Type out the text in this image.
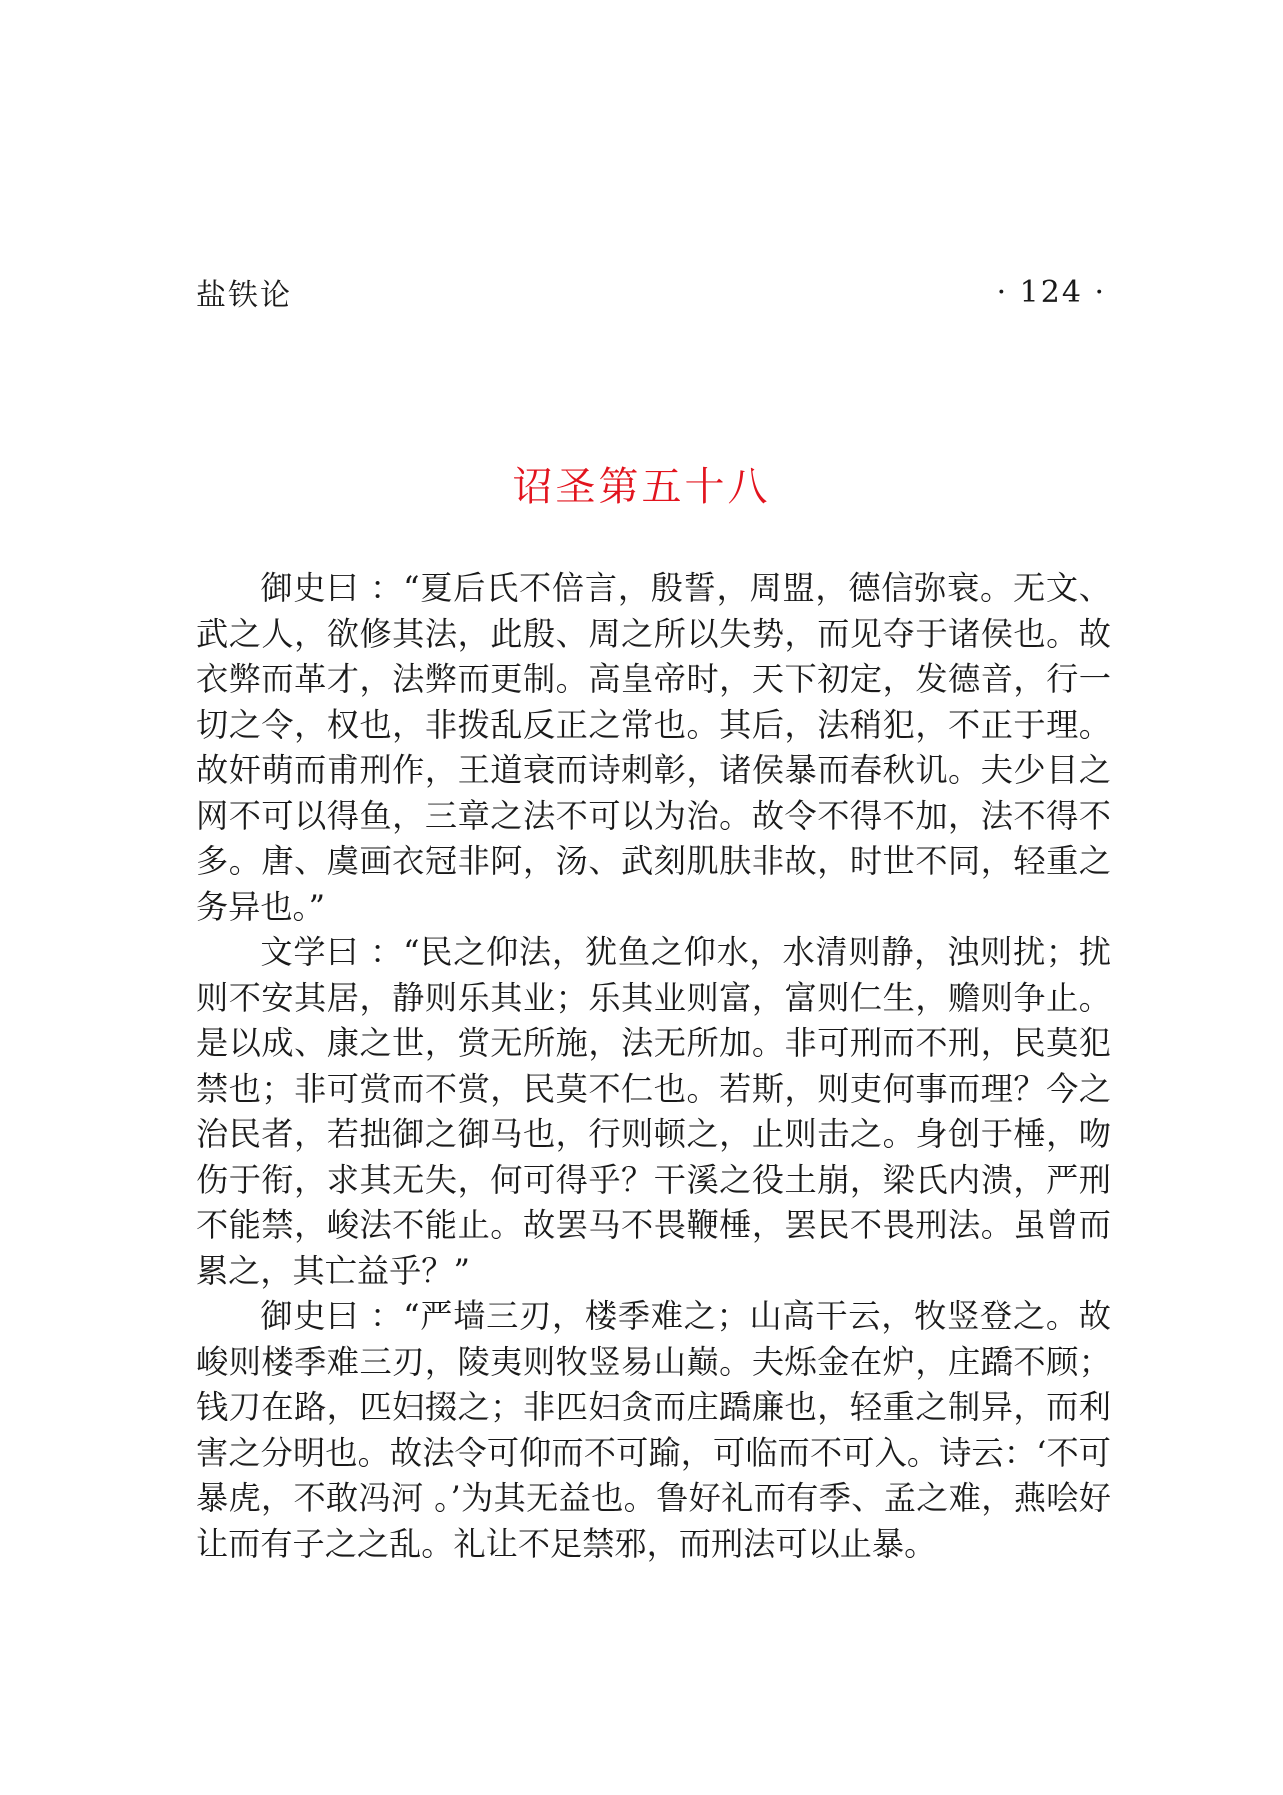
盐铁论	· 124 ·
诏圣第五十八

御史曰 ：“夏后氏不倍言，殷誓，周盟，德信弥衰。无文、武之人，欲修其法，此殷、周之所以失势，而见夺于诸侯也。故衣弊而革才，法弊而更制。高皇帝时，天下初定，发德音，行一切之令，权也，非拨乱反正之常也。其后，法稍犯，不正于理。故奸萌而甫刑作，王道衰而诗刺彰，诸侯暴而春秋讥。夫少目之网不可以得鱼，三章之法不可以为治。故令不得不加，法不得不多。唐、虞画衣冠非阿，汤、武刻肌肤非故，时世不同，轻重之务异也。”

文学曰 ：“民之仰法，犹鱼之仰水，水清则静，浊则扰；扰则不安其居，静则乐其业；乐其业则富，富则仁生，赡则争止。是以成、康之世，赏无所施，法无所加。非可刑而不刑，民莫犯禁也；非可赏而不赏，民莫不仁也。若斯，则吏何事而理？今之治民者，若拙御之御马也，行则顿之，止则击之。身创于棰，吻伤于衔，求其无失，何可得乎？干溪之役土崩，梁氏内溃，严刑不能禁，峻法不能止。故罢马不畏鞭棰，罢民不畏刑法。虽曾而累之，其亡益乎？”

御史曰 ：“严墙三刃，楼季难之；山高干云，牧竖登之。故峻则楼季难三刃，陵夷则牧竖易山巅。夫烁金在炉，庄蹻不顾；钱刀在路，匹妇掇之；非匹妇贪而庄蹻廉也，轻重之制异，而利害之分明也。故法令可仰而不可踰，可临而不可入。诗云：‘不可暴虎，不敢冯河 。’为其无益也。鲁好礼而有季、孟之难，燕哙好让而有子之之乱。礼让不足禁邪，而刑法可以止暴。
